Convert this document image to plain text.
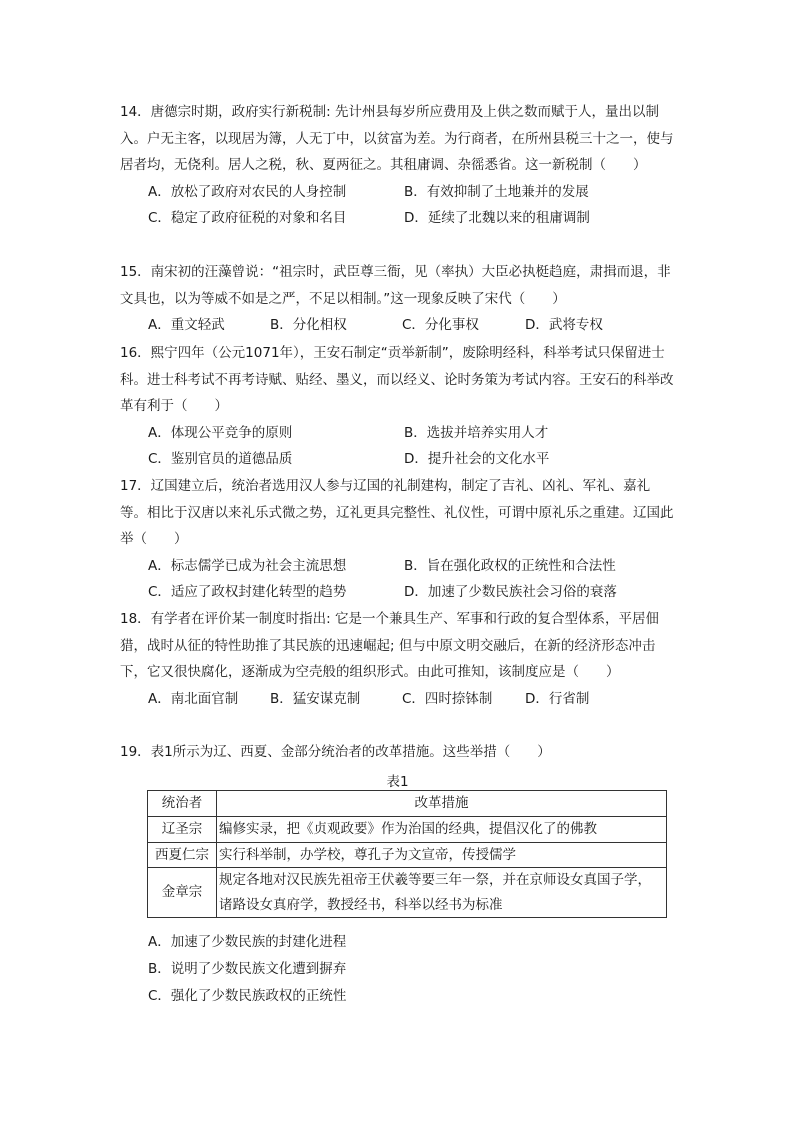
14．唐德宗时期，政府实行新税制: 先计州县每岁所应费用及上供之数而赋于人，量出以制入。户无主客，以现居为簿，人无丁中，以贫富为差。为行商者，在所州县税三十之一，使与居者均，无侥利。居人之税，秋、夏两征之。其租庸调、杂徭悉省。这一新税制（　　）

A．放松了政府对农民的人身控制	B．有效抑制了土地兼并的发展
C．稳定了政府征税的对象和名目	D．延续了北魏以来的租庸调制

15．南宋初的汪藻曾说：“祖宗时，武臣尊三衙，见（率执）大臣必执梃趋庭，肃揖而退，非文具也，以为等威不如是之严，不足以相制。”这一现象反映了宋代（　　）

A．重文轻武	B．分化相权	C．分化事权	D．武将专权

16．熙宁四年（公元1071年），王安石制定“贡举新制”，废除明经科，科举考试只保留进士科。进士科考试不再考诗赋、贴经、墨义，而以经义、论时务策为考试内容。王安石的科举改革有利于（　　）

A．体现公平竞争的原则	B．选拔并培养实用人才
C．鉴别官员的道德品质	D．提升社会的文化水平

17．辽国建立后，统治者选用汉人参与辽国的礼制建构，制定了吉礼、凶礼、军礼、嘉礼等。相比于汉唐以来礼乐式微之势，辽礼更具完整性、礼仪性，可谓中原礼乐之重建。辽国此举（　　）

A．标志儒学已成为社会主流思想	B．旨在强化政权的正统性和合法性
C．适应了政权封建化转型的趋势	D．加速了少数民族社会习俗的衰落

18．有学者在评价某一制度时指出: 它是一个兼具生产、军事和行政的复合型体系，平居佃猎，战时从征的特性助推了其民族的迅速崛起; 但与中原文明交融后，在新的经济形态冲击下，它又很快腐化，逐渐成为空壳般的组织形式。由此可推知，该制度应是（　　）

A．南北面官制 B．猛安谋克制	C．四时捺钵制 D．行省制

19．表1所示为辽、西夏、金部分统治者的改革措施。这些举措（　　）

表1
统治者	改革措施
辽圣宗	编修实录，把《贞观政要》作为治国的经典，提倡汉化了的佛教
西夏仁宗	实行科举制，办学校，尊孔子为文宣帝，传授儒学
金章宗	规定各地对汉民族先祖帝王伏羲等要三年一祭，并在京师设女真国子学，诸路设女真府学，教授经书，科举以经书为标准
A．加速了少数民族的封建化进程
B．说明了少数民族文化遭到摒弃
C．强化了少数民族政权的正统性
